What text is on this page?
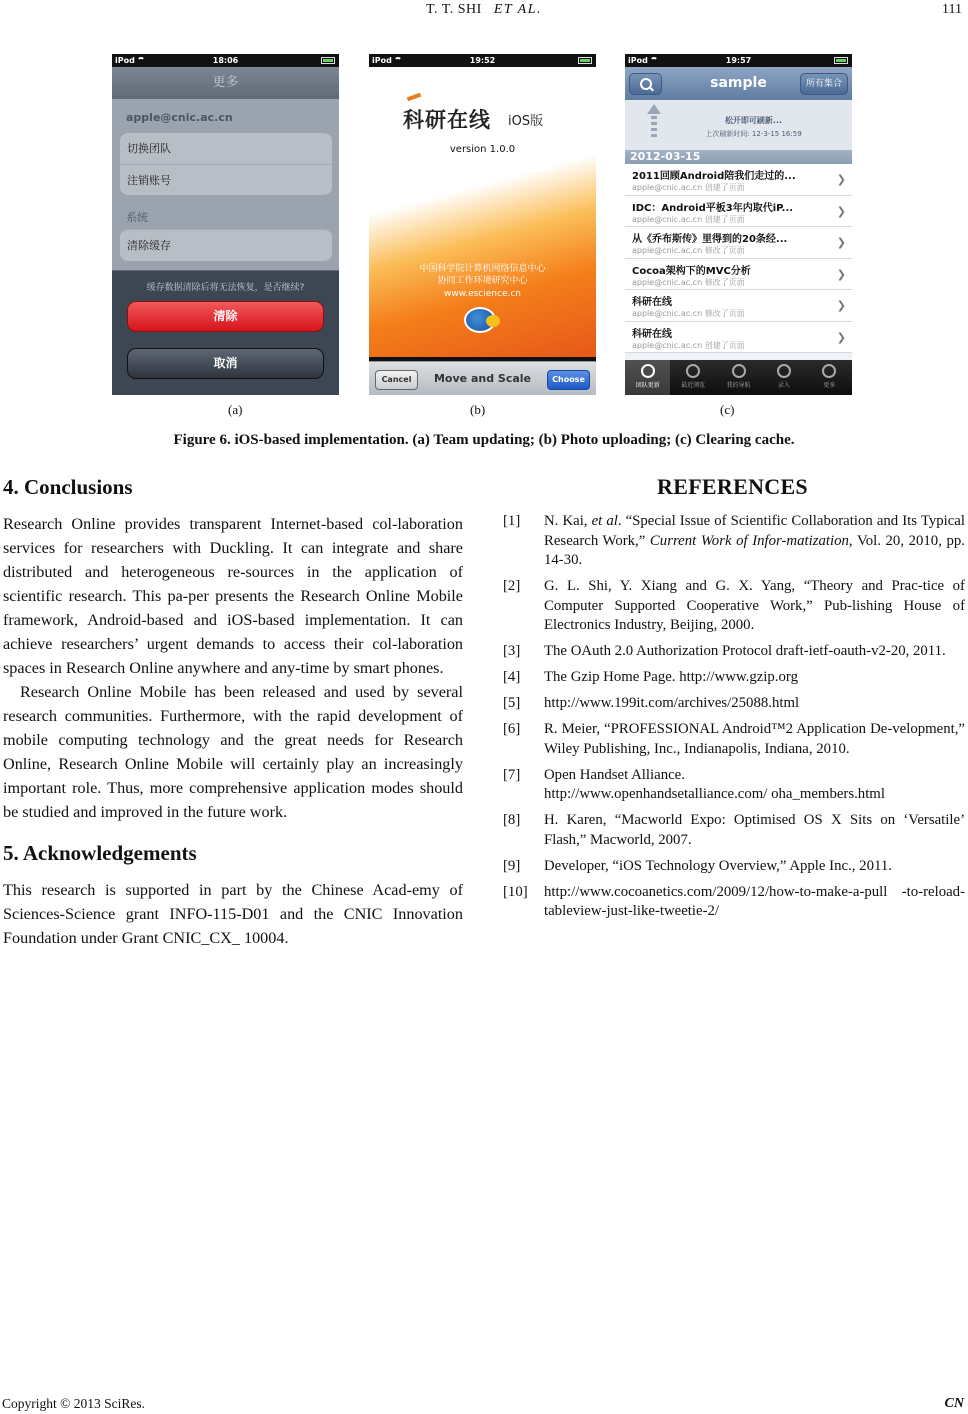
T. T. SHI ET AL.	111
iPod	18:06
更多
apple@cnic.ac.cn
切换团队
注销账号
系统
清除缓存
缓存数据清除后将无法恢复，是否继续?
清除
取消
iPod	19:52
科研在线 iOS版
version 1.0.0
中国科学院计算机网络信息中心
协同工作环境研究中心
www.escience.cn
Cancel	Move and Scale	Choose
iPod	19:57
sample	所有集合
松开即可刷新...
上次刷新时间: 12-3-15 16:59
2012-03-15
2011回顾Android陪我们走过的...
apple@cnic.ac.cn 创建了页面
❯
IDC：Android平板3年内取代iP...
apple@cnic.ac.cn 创建了页面
❯
从《乔布斯传》里得到的20条经...
apple@cnic.ac.cn 修改了页面
❯
Cocoa架构下的MVC分析
apple@cnic.ac.cn 修改了页面
❯
科研在线
apple@cnic.ac.cn 修改了页面
❯
科研在线
apple@cnic.ac.cn 创建了页面
❯
团队更新	最近浏览	我的导航	录入	更多
(a)	(b)	(c)
Figure 6. iOS-based implementation. (a) Team updating; (b) Photo uploading; (c) Clearing cache.
4. Conclusions

Research Online provides transparent Internet-based col-laboration services for researchers with Duckling. It can integrate and share distributed and heterogeneous re-sources in the application of scientific research. This pa-per presents the Research Online Mobile framework, Android-based and iOS-based implementation. It can achieve researchers’ urgent demands to access their col-laboration spaces in Research Online anywhere and any-time by smart phones.

Research Online Mobile has been released and used by several research communities. Furthermore, with the rapid development of mobile computing technology and the great needs for Research Online, Research Online Mobile will certainly play an increasingly important role. Thus, more comprehensive application modes should be studied and improved in the future work.

5. Acknowledgements

This research is supported in part by the Chinese Acad-emy of Sciences-Science grant INFO-115-D01 and the CNIC Innovation Foundation under Grant CNIC_CX_ 10004.

REFERENCES
[1] N. Kai, et al. “Special Issue of Scientific Collaboration and Its Typical Research Work,” Current Work of Infor-matization, Vol. 20, 2010, pp. 14-30.
[2] G. L. Shi, Y. Xiang and G. X. Yang, “Theory and Prac-tice of Computer Supported Cooperative Work,” Pub-lishing House of Electronics Industry, Beijing, 2000.
[3] The OAuth 2.0 Authorization Protocol draft-ietf-oauth-v2-20, 2011.
[4] The Gzip Home Page. http://www.gzip.org
[5] http://www.199it.com/archives/25088.html
[6] R. Meier, “PROFESSIONAL Android™2 Application De-velopment,” Wiley Publishing, Inc., Indianapolis, Indiana, 2010.
[7] Open Handset Alliance.
http://www.openhandsetalliance.com/ oha_members.html
[8] H. Karen, “Macworld Expo: Optimised OS X Sits on ‘Versatile’ Flash,” Macworld, 2007.
[9] Developer, “iOS Technology Overview,” Apple Inc., 2011.
[10] http://www.cocoanetics.com/2009/12/how-to-make-a-pull -to-reload-tableview-just-like-tweetie-2/
Copyright © 2013 SciRes.	CN
